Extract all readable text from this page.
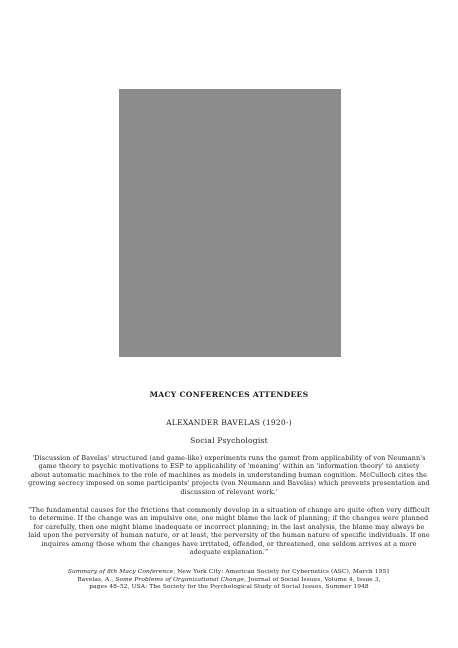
MACY CONFERENCES ATTENDEES
ALEXANDER BAVELAS (1920-)
Social Psychologist

'Discussion of Bavelas' structured (and game-like) experiments runs the gamut from applicability of von Neumann's game theory to psychic motivations to ESP to applicability of 'meaning' within an 'information theory' to anxiety about automatic machines to the role of machines as models in understanding human cognition. McCulloch cites the growing secrecy imposed on some participants' projects (von Neumann and Bavelas) which prevents presentation and discussion of relevant work.'

“The fundamental causes for the frictions that commonly develop in a situation of change are quite often very difficult to determine. If the change was an impulsive one, one might blame the lack of planning; if the changes were planned for carefully, then one might blame inadequate or incorrect planning; in the last analysis, the blame may always be laid upon the perversity of human nature, or at least, the perversity of the human nature of specific individuals. If one inquires among those whom the changes have irritated, offended, or threatened, one seldom arrives at a more adequate explanation.”

Summary of 8th Macy Conference, New York City: American Society for Cybernetics (ASC), March 1951
Bavelas, A., Some Problems of Organizational Change, Journal of Social Issues, Volume 4, Issue 3,
pages 48–52, USA: The Society for the Psychological Study of Social Issues, Summer 1948
